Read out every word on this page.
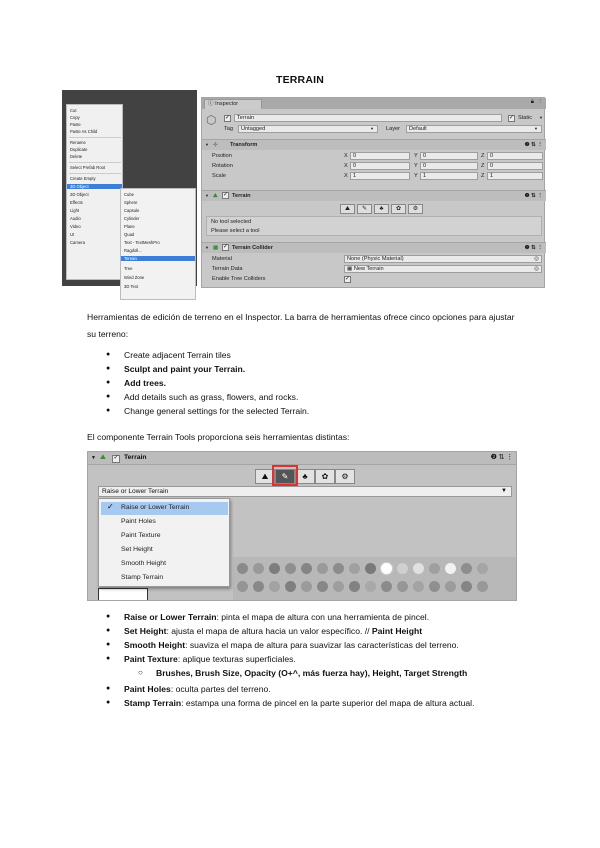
TERRAIN
Cut
Copy
Paste
Paste As Child
Rename
Duplicate
Delete
Select Prefab Root
Create Empty
3D Object
2D Object
Effects
Light
Audio
Video
UI
Camera
Cube
Sphere
Capsule
Cylinder
Plane
Quad
Text - TextMeshPro
Ragdoll...
Terrain
Tree
Wind Zone
3D Text
ⓘ Inspector	🔒︎ ⋮
⬡ ✓	Terrain	✓ Static ▼
Tag	Untagged	▼ Layer	Default	▼
▼ ⊹ Transform	❷ ⇅ ⋮
Position	X 0	Y 0	Z 0
Rotation	X 0	Y 0	Z 0
Scale	X 1	Y 1	Z 1
▼ ⛰ ✓ Terrain	❷ ⇅ ⋮
⛰	✎	♣	✿	⚙
No tool selected
Please select a tool
▼ ▣ ✓ Terrain Collider	❷ ⇅ ⋮
Material	None (Physic Material)	◎
Terrain Data	▦ New Terrain	◎
Enable Tree Colliders	✓
Herramientas de edición de terreno en el Inspector. La barra de herramientas ofrece cinco opciones para ajustar su terreno:
● Create adjacent Terrain tiles
● Sculpt and paint your Terrain.
● Add trees.
● Add details such as grass, flowers, and rocks.
● Change general settings for the selected Terrain.
El componente Terrain Tools proporciona seis herramientas distintas:
▼ ⛰ ✓ Terrain	❷ ⇅ ⋮
⛰	✎	♣	✿	⚙
Raise or Lower Terrain	▼
✓ Raise or Lower Terrain
Paint Holes
Paint Texture
Set Height
Smooth Height
Stamp Terrain
● Raise or Lower Terrain: pinta el mapa de altura con una herramienta de pincel.
● Set Height: ajusta el mapa de altura hacia un valor específico. // Paint Height
● Smooth Height: suaviza el mapa de altura para suavizar las características del terreno.
● Paint Texture: aplique texturas superficiales.
○ Brushes, Brush Size, Opacity (O+^, más fuerza hay), Height, Target Strength
● Paint Holes: oculta partes del terreno.
● Stamp Terrain: estampa una forma de pincel en la parte superior del mapa de altura actual.
